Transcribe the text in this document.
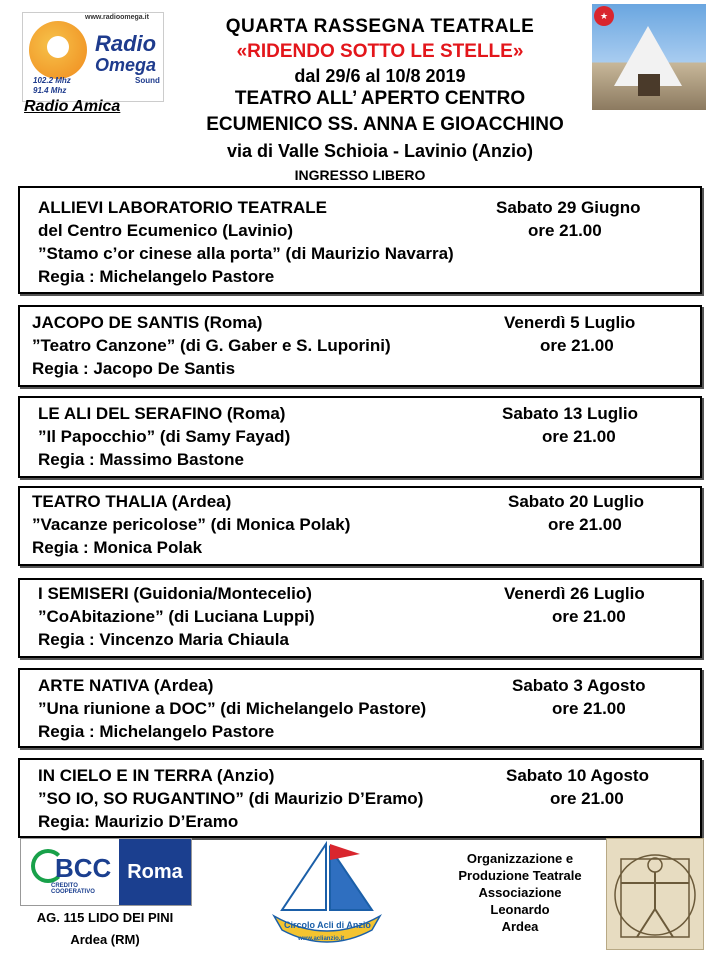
www.radioomega.it
Radio
Omega
Sound
102.2 Mhz
91.4 Mhz
Radio Amica
★
QUARTA RASSEGNA TEATRALE
«RIDENDO SOTTO LE STELLE»
dal 29/6 al 10/8 2019
TEATRO ALL’ APERTO CENTRO
ECUMENICO SS. ANNA E GIOACCHINO
via di Valle Schioia - Lavinio (Anzio)
INGRESSO LIBERO
ALLIEVI LABORATORIO TEATRALE
del Centro Ecumenico (Lavinio)
”Stamo c’or cinese alla porta” (di Maurizio Navarra)
Regia : Michelangelo Pastore
Sabato 29 Giugno
ore 21.00
JACOPO DE SANTIS (Roma)
”Teatro Canzone” (di G. Gaber e S. Luporini)
Regia : Jacopo De Santis
Venerdì 5 Luglio
ore 21.00
LE ALI DEL SERAFINO (Roma)
”Il Papocchio” (di Samy Fayad)
Regia : Massimo Bastone
Sabato 13 Luglio
ore 21.00
TEATRO THALIA (Ardea)
”Vacanze pericolose” (di Monica Polak)
Regia : Monica Polak
Sabato 20 Luglio
ore 21.00
I SEMISERI (Guidonia/Montecelio)
”CoAbitazione” (di Luciana Luppi)
Regia : Vincenzo Maria Chiaula
Venerdì 26 Luglio
ore 21.00
ARTE NATIVA (Ardea)
”Una riunione a DOC” (di Michelangelo Pastore)
Regia : Michelangelo Pastore
Sabato 3 Agosto
ore 21.00
IN CIELO E IN TERRA (Anzio)
”SO IO, SO RUGANTINO” (di Maurizio D’Eramo)
Regia: Maurizio D’Eramo
Sabato 10 Agosto
ore 21.00
BCC
CREDITO COOPERATIVO
Roma
AG. 115 LIDO DEI PINI
Ardea (RM)
Circolo Acli di Anzio
www.aclianzio.it
Organizzazione e
Produzione Teatrale
Associazione
Leonardo
Ardea
